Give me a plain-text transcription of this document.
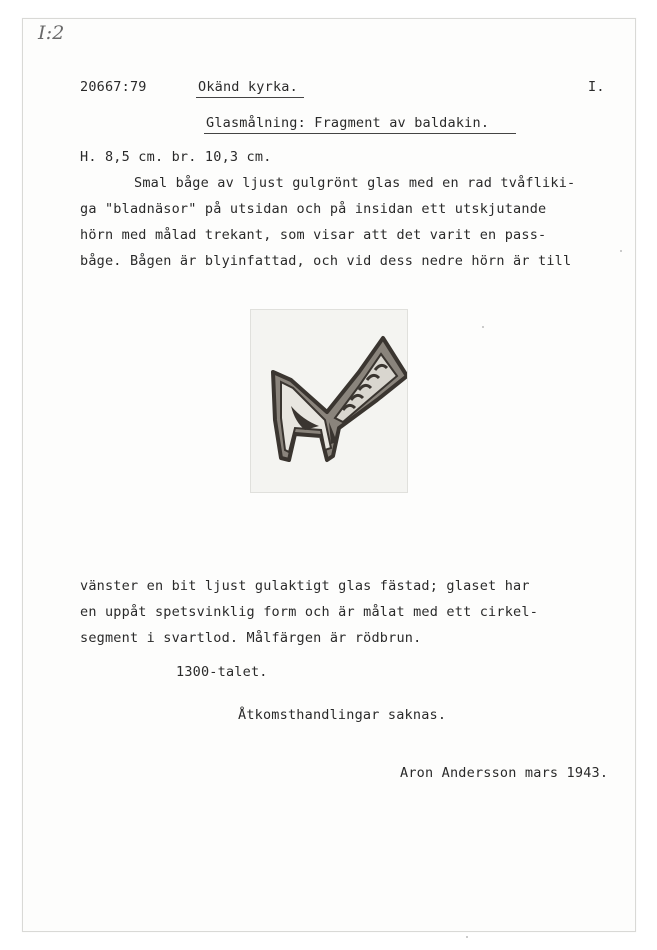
I:2
20667:79	Okänd kyrka.	I.
Glasmålning: Fragment av baldakin.
H. 8,5 cm. br. 10,3 cm.
Smal båge av ljust gulgrönt glas med en rad tvåfliki-
ga "bladnäsor" på utsidan och på insidan ett utskjutande
hörn med målad trekant, som visar att det varit en pass-
båge. Bågen är blyinfattad, och vid dess nedre hörn är till
vänster en bit ljust gulaktigt glas fästad; glaset har
en uppåt spetsvinklig form och är målat med ett cirkel-
segment i svartlod. Målfärgen är rödbrun.
1300-talet.
Åtkomsthandlingar saknas.
Aron Andersson mars 1943.
